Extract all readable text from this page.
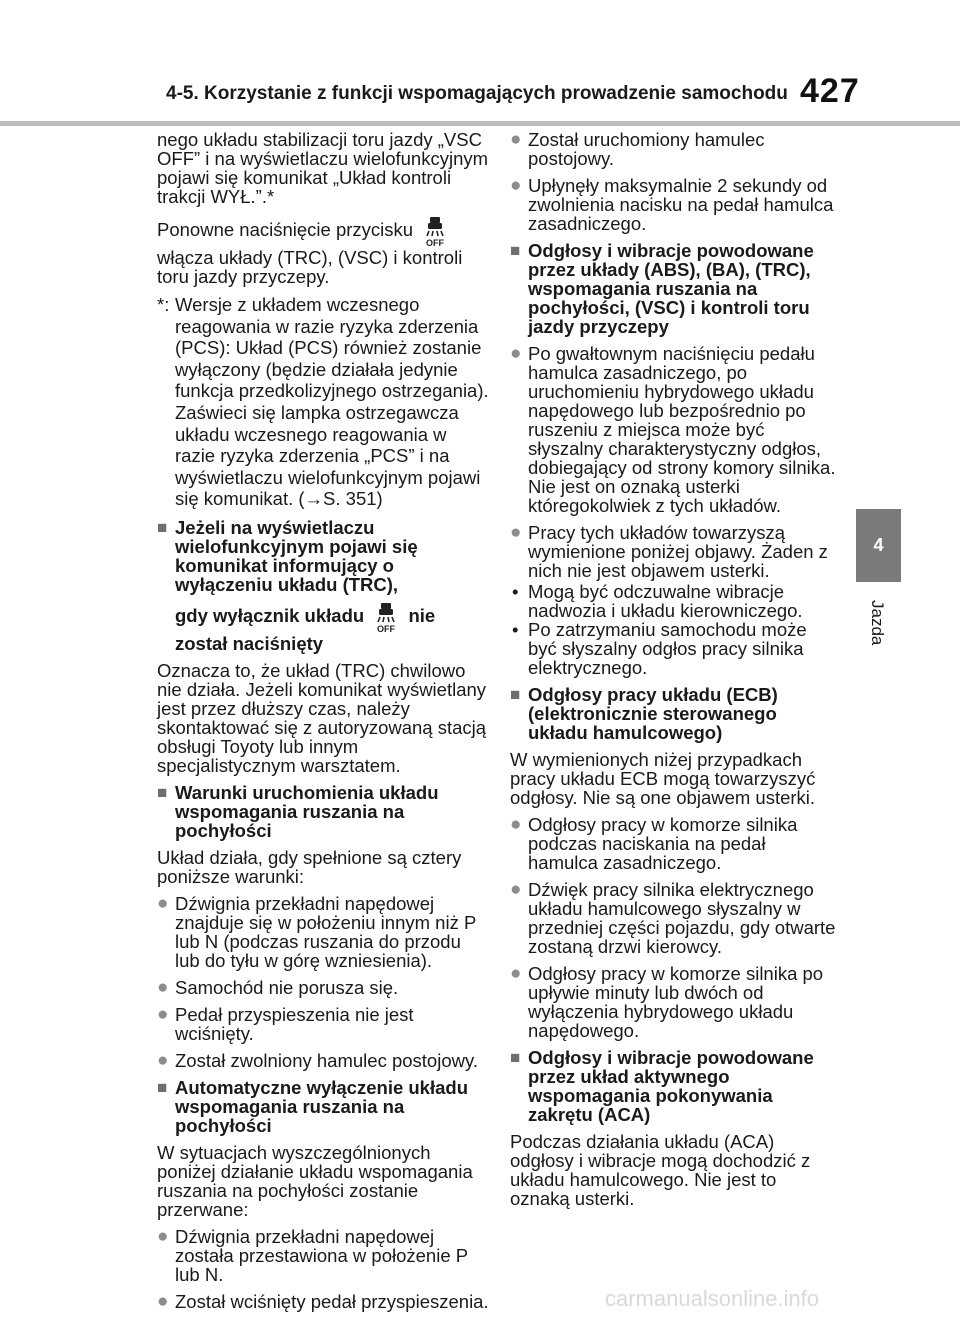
4-5. Korzystanie z funkcji wspomagających prowadzenie samochodu 427
4
Jazda

nego układu stabilizacji toru jazdy „VSC OFF” i na wyświetlaczu wielofunkcyjnym pojawi się komunikat „Układ kontroli trakcji WYŁ.”.*

Ponowne naciśnięcie przycisku
OFF

włącza układy (TRC), (VSC) i kontroli toru jazdy przyczepy.

*: Wersje z układem wczesnego reagowania w razie ryzyka zderzenia (PCS): Układ (PCS) również zostanie wyłączony (będzie działała jedynie funkcja przedkolizyjnego ostrzegania). Zaświeci się lampka ostrzegawcza układu wczesnego reagowania w razie ryzyka zderzenia „PCS” i na wyświetlaczu wielofunkcyjnym pojawi się komunikat. (→S. 351)
■ Jeżeli na wyświetlaczu wielofunkcyjnym pojawi się komunikat informujący o wyłączeniu układu (TRC),
gdy wyłącznik układu
OFF
nie został naciśnięty

Oznacza to, że układ (TRC) chwilowo nie działa. Jeżeli komunikat wyświetlany jest przez dłuższy czas, należy skontaktować się z autoryzowaną stacją obsługi Toyoty lub innym specjalistycznym warsztatem.

■ Warunki uruchomienia układu wspomagania ruszania na pochyłości

Układ działa, gdy spełnione są cztery poniższe warunki:

● Dźwignia przekładni napędowej znajduje się w położeniu innym niż P lub N (podczas ruszania do przodu lub do tyłu w górę wzniesienia).
● Samochód nie porusza się.
● Pedał przyspieszenia nie jest wciśnięty.
● Został zwolniony hamulec postojowy.
■ Automatyczne wyłączenie układu wspomagania ruszania na pochyłości

W sytuacjach wyszczególnionych poniżej działanie układu wspomagania ruszania na pochyłości zostanie przerwane:

● Dźwignia przekładni napędowej została przestawiona w położenie P lub N.
● Został wciśnięty pedał przyspieszenia.
● Został uruchomiony hamulec postojowy.
● Upłynęły maksymalnie 2 sekundy od zwolnienia nacisku na pedał hamulca zasadniczego.
■ Odgłosy i wibracje powodowane przez układy (ABS), (BA), (TRC), wspomagania ruszania na pochyłości, (VSC) i kontroli toru jazdy przyczepy
● Po gwałtownym naciśnięciu pedału hamulca zasadniczego, po uruchomieniu hybrydowego układu napędowego lub bezpośrednio po ruszeniu z miejsca może być słyszalny charakterystyczny odgłos, dobiegający od strony komory silnika. Nie jest on oznaką usterki któregokolwiek z tych układów.
● Pracy tych układów towarzyszą wymienione poniżej objawy. Żaden z nich nie jest objawem usterki.
• Mogą być odczuwalne wibracje nadwozia i układu kierowniczego.
• Po zatrzymaniu samochodu może być słyszalny odgłos pracy silnika elektrycznego.
■ Odgłosy pracy układu (ECB) (elektronicznie sterowanego układu hamulcowego)

W wymienionych niżej przypadkach pracy układu ECB mogą towarzyszyć odgłosy. Nie są one objawem usterki.

● Odgłosy pracy w komorze silnika podczas naciskania na pedał hamulca zasadniczego.
● Dźwięk pracy silnika elektrycznego układu hamulcowego słyszalny w przedniej części pojazdu, gdy otwarte zostaną drzwi kierowcy.
● Odgłosy pracy w komorze silnika po upływie minuty lub dwóch od wyłączenia hybrydowego układu napędowego.
■ Odgłosy i wibracje powodowane przez układ aktywnego wspomagania pokonywania zakrętu (ACA)

Podczas działania układu (ACA) odgłosy i wibracje mogą dochodzić z układu hamulcowego. Nie jest to oznaką usterki.

carmanualsonline.info
